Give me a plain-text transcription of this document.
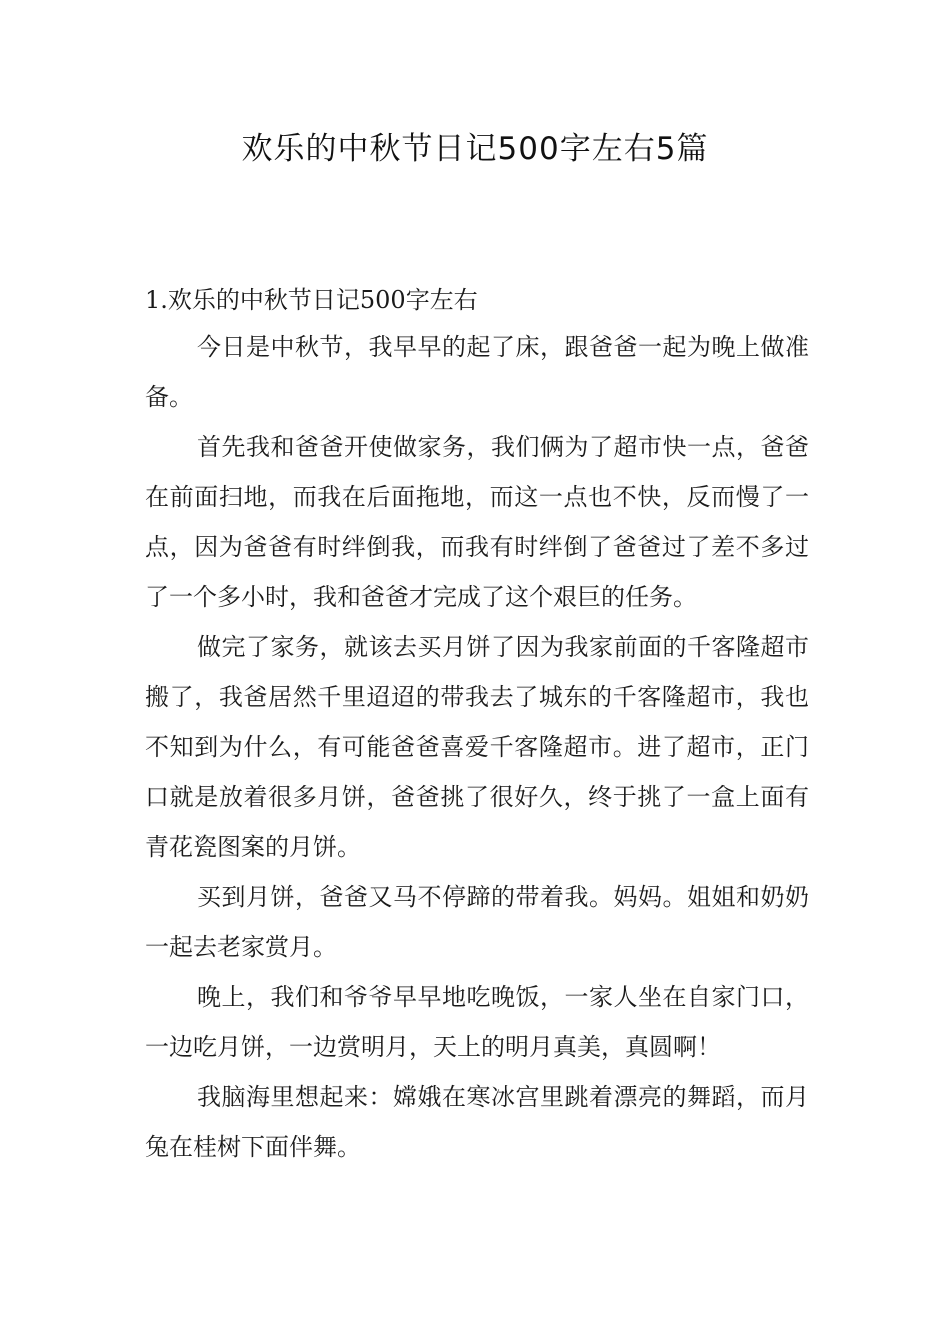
欢乐的中秋节日记500字左右5篇

1.欢乐的中秋节日记500字左右

今日是中秋节，我早早的起了床，跟爸爸一起为晚上做准备。

首先我和爸爸开使做家务，我们俩为了超市快一点，爸爸在前面扫地，而我在后面拖地，而这一点也不快，反而慢了一点，因为爸爸有时绊倒我，而我有时绊倒了爸爸过了差不多过了一个多小时，我和爸爸才完成了这个艰巨的任务。

做完了家务，就该去买月饼了因为我家前面的千客隆超市搬了，我爸居然千里迢迢的带我去了城东的千客隆超市，我也不知到为什么，有可能爸爸喜爱千客隆超市。进了超市，正门口就是放着很多月饼，爸爸挑了很好久，终于挑了一盒上面有青花瓷图案的月饼。

买到月饼，爸爸又马不停蹄的带着我。妈妈。姐姐和奶奶一起去老家赏月。

晚上，我们和爷爷早早地吃晚饭，一家人坐在自家门口，一边吃月饼，一边赏明月，天上的明月真美，真圆啊！

我脑海里想起来：嫦娥在寒冰宫里跳着漂亮的舞蹈，而月兔在桂树下面伴舞。
